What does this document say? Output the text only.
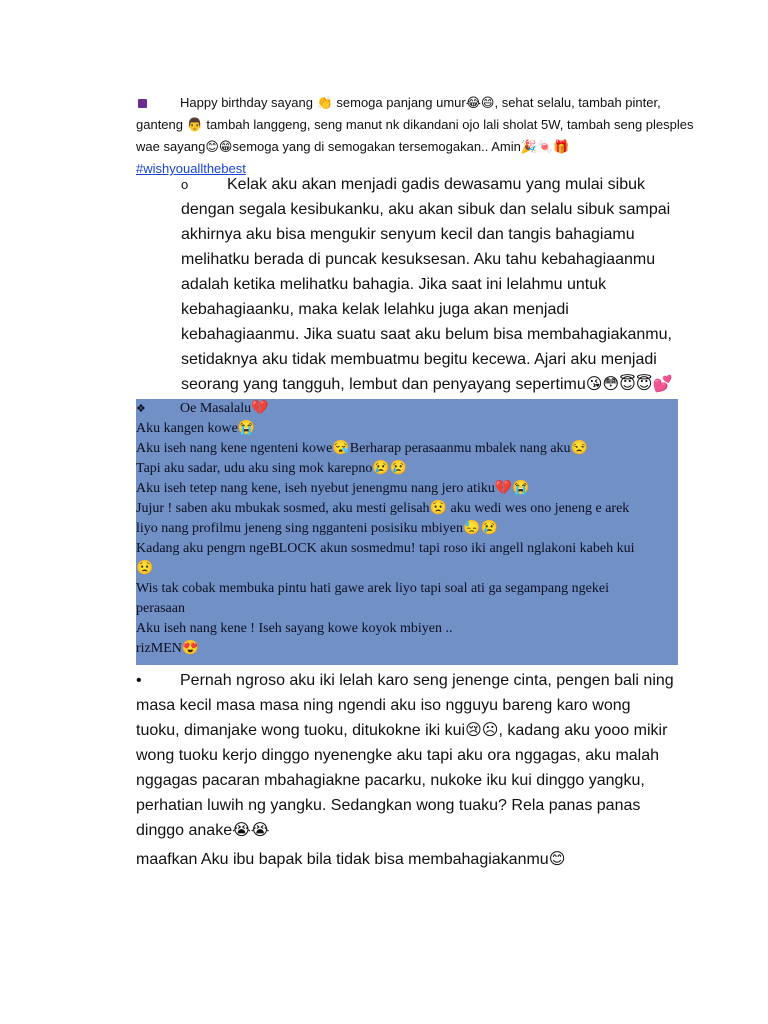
Happy birthday sayang 👏 semoga panjang umur😂😄, sehat selalu, tambah pinter,
ganteng 👨 tambah langgeng, seng manut nk dikandani ojo lali sholat 5W, tambah seng plesples
wae sayang😊😁semoga yang di semogakan tersemogakan.. Amin🎉🍬🎁
#wishyouallthebest
o	Kelak aku akan menjadi gadis dewasamu yang mulai sibuk dengan segala kesibukanku, aku akan sibuk dan selalu sibuk sampai akhirnya aku bisa mengukir senyum kecil dan tangis bahagiamu melihatku berada di puncak kesuksesan. Aku tahu kebahagiaanmu adalah ketika melihatku bahagia. Jika saat ini lelahmu untuk kebahagiaanku, maka kelak lelahku juga akan menjadi kebahagiaanmu. Jika suatu saat aku belum bisa membahagiakanmu, setidaknya aku tidak membuatmu begitu kecewa. Ajari aku menjadi seorang yang tangguh, lembut dan penyayang sepertimu😘😳😇😇💕
❖ Oe Masalalu💔
Aku kangen kowe😭
Aku iseh nang kene ngenteni kowe😪Berharap perasaanmu mbalek nang aku😒
Tapi aku sadar, udu aku sing mok karepno😢😢
Aku iseh tetep nang kene, iseh nyebut jenengmu nang jero atiku💔😭
Jujur ! saben aku mbukak sosmed, aku mesti gelisah😟 aku wedi wes ono jeneng e arek
liyo nang profilmu jeneng sing ngganteni posisiku mbiyen😓😢
Kadang aku pengrn ngeBLOCK akun sosmedmu! tapi roso iki angell nglakoni kabeh kui
😟
Wis tak cobak membuka pintu hati gawe arek liyo tapi soal ati ga segampang ngekei
perasaan
Aku iseh nang kene ! Iseh sayang kowe koyok mbiyen ..
rizMEN😍
• Pernah ngroso aku iki lelah karo seng jenenge cinta, pengen bali ning masa kecil masa masa ning ngendi aku iso ngguyu bareng karo wong tuoku, dimanjake wong tuoku, ditukokne iki kui😢☹, kadang aku yooo mikir wong tuoku kerjo dinggo nyenengke aku tapi aku ora nggagas, aku malah nggagas pacaran mbahagiakne pacarku, nukoke iku kui dinggo yangku, perhatian luwih ng yangku. Sedangkan wong tuaku? Rela panas panas dinggo anake😭😭
maafkan Aku ibu bapak bila tidak bisa membahagiakanmu😊
